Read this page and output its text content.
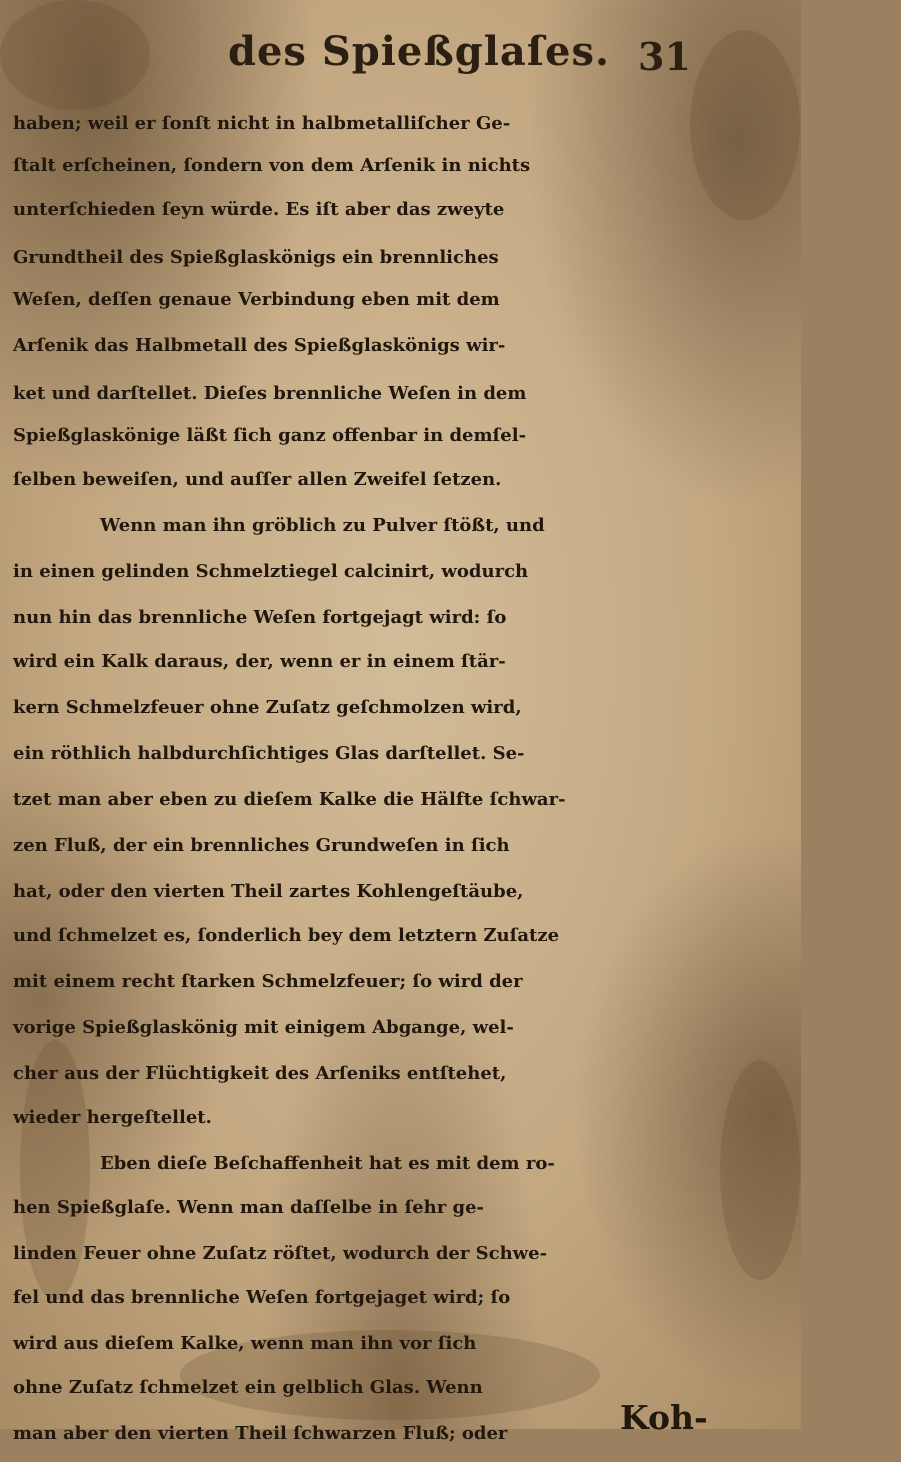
des Spießglaſes. 31
haben; weil er ſonſt nicht in halbmetalliſcher Ge-
ſtalt erſcheinen, ſondern von dem Arſenik in nichts
unterſchieden ſeyn würde. Es iſt aber das zweyte
Grundtheil des Spießglaskönigs ein brennliches
Weſen, deſſen genaue Verbindung eben mit dem
Arſenik das Halbmetall des Spießglaskönigs wir-
ket und darſtellet. Dieſes brennliche Weſen in dem
Spießglaskönige läßt ſich ganz offenbar in demſel-
ſelben beweiſen, und auſſer allen Zweifel ſetzen.
Wenn man ihn gröblich zu Pulver ſtößt, und
in einen gelinden Schmelztiegel calcinirt, wodurch
nun hin das brennliche Weſen fortgejagt wird: ſo
wird ein Kalk daraus, der, wenn er in einem ſtär-
kern Schmelzfeuer ohne Zuſatz geſchmolzen wird,
ein röthlich halbdurchſichtiges Glas darſtellet. Se-
tzet man aber eben zu dieſem Kalke die Hälfte ſchwar-
zen Fluß, der ein brennliches Grundweſen in ſich
hat, oder den vierten Theil zartes Kohlengeſtäube,
und ſchmelzet es, ſonderlich bey dem letztern Zuſatze
mit einem recht ſtarken Schmelzfeuer; ſo wird der
vorige Spießglaskönig mit einigem Abgange, wel-
cher aus der Flüchtigkeit des Arſeniks entſtehet,
wieder hergeſtellet.
Eben dieſe Beſchaffenheit hat es mit dem ro-
hen Spießglaſe. Wenn man daſſelbe in ſehr ge-
linden Feuer ohne Zuſatz röſtet, wodurch der Schwe-
fel und das brennliche Weſen fortgejaget wird; ſo
wird aus dieſem Kalke, wenn man ihn vor ſich
ohne Zuſatz ſchmelzet ein gelblich Glas. Wenn
man aber den vierten Theil ſchwarzen Fluß; oder	Koh-
